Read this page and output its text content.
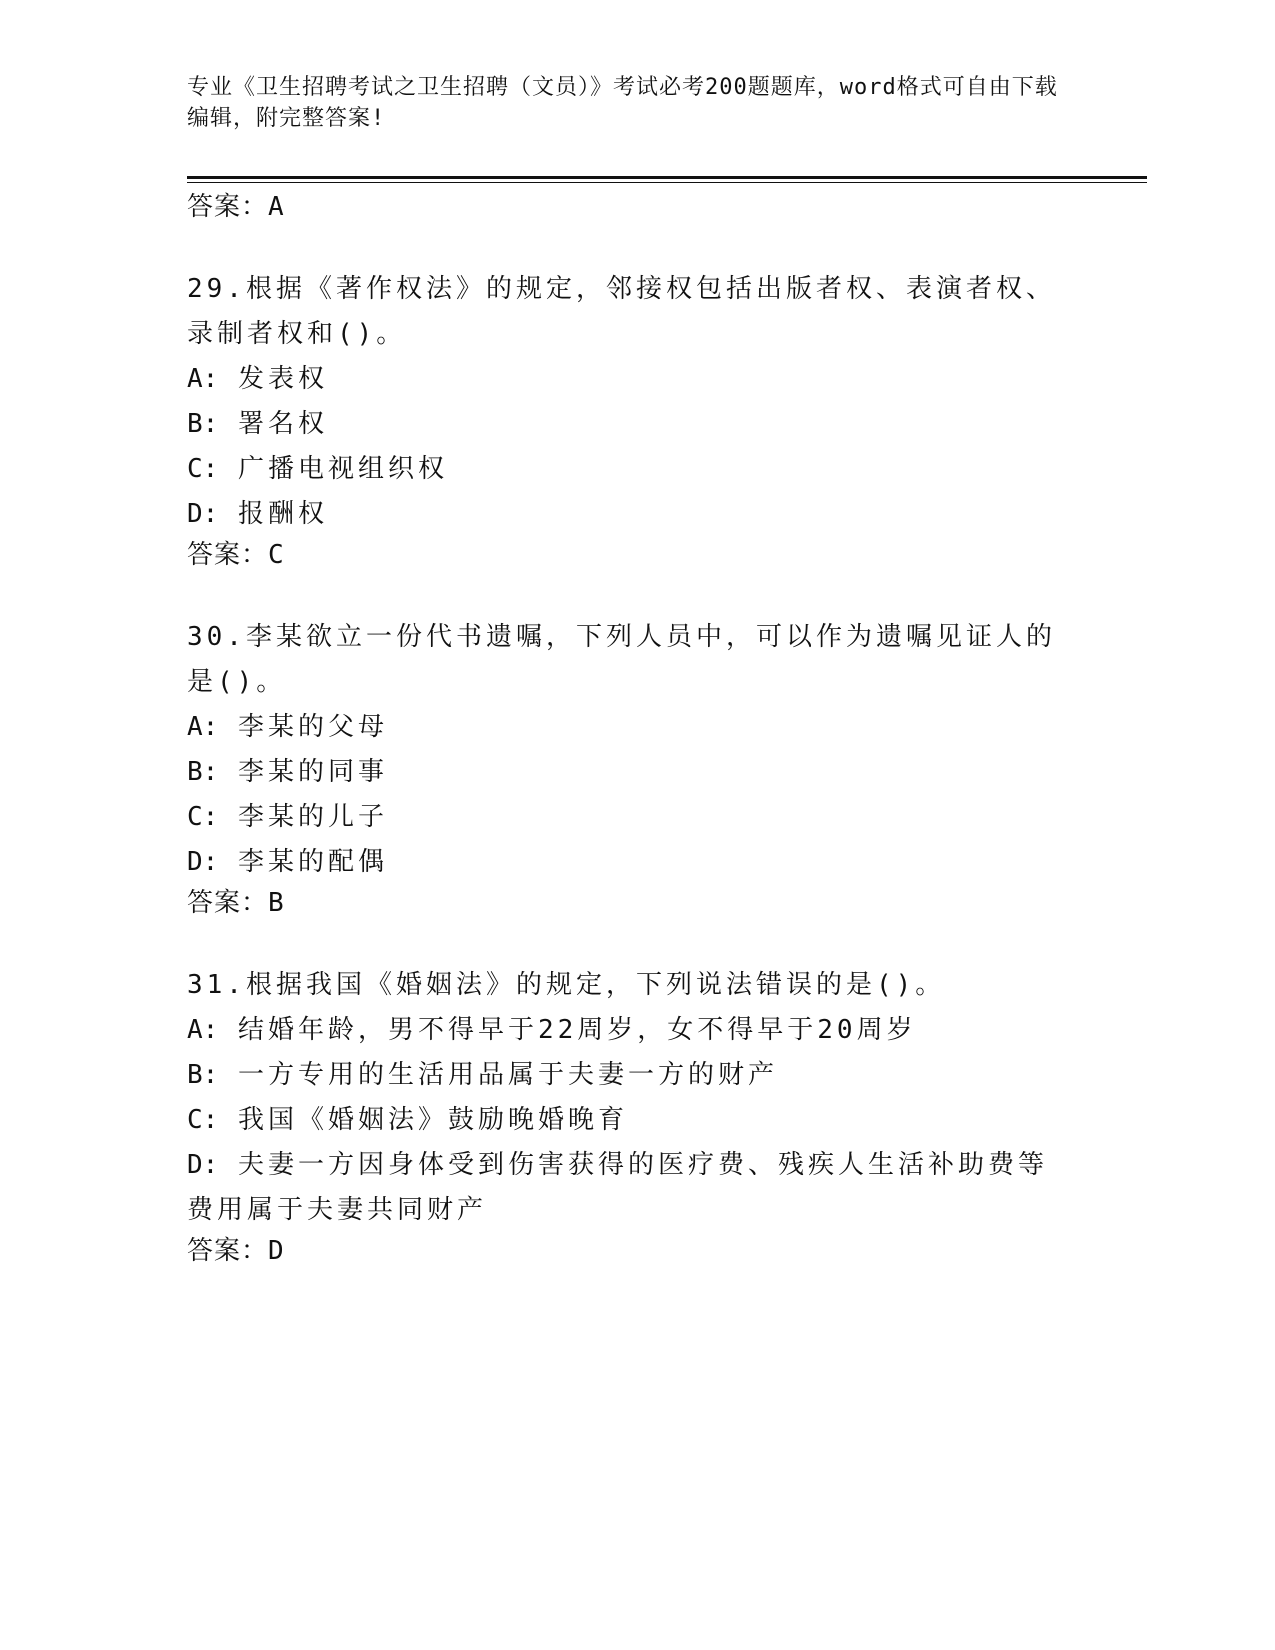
专业《卫生招聘考试之卫生招聘（文员）》考试必考200题题库，word格式可自由下载编辑，附完整答案!
答案：A

29.根据《著作权法》的规定，邻接权包括出版者权、表演者权、录制者权和()。

A: 发表权

B: 署名权

C: 广播电视组织权

D: 报酬权

答案：C

30.李某欲立一份代书遗嘱，下列人员中，可以作为遗嘱见证人的是()。

A: 李某的父母

B: 李某的同事

C: 李某的儿子

D: 李某的配偶

答案：B

31.根据我国《婚姻法》的规定，下列说法错误的是()。

A: 结婚年龄，男不得早于22周岁，女不得早于20周岁

B: 一方专用的生活用品属于夫妻一方的财产

C: 我国《婚姻法》鼓励晚婚晚育

D: 夫妻一方因身体受到伤害获得的医疗费、残疾人生活补助费等费用属于夫妻共同财产

答案：D
